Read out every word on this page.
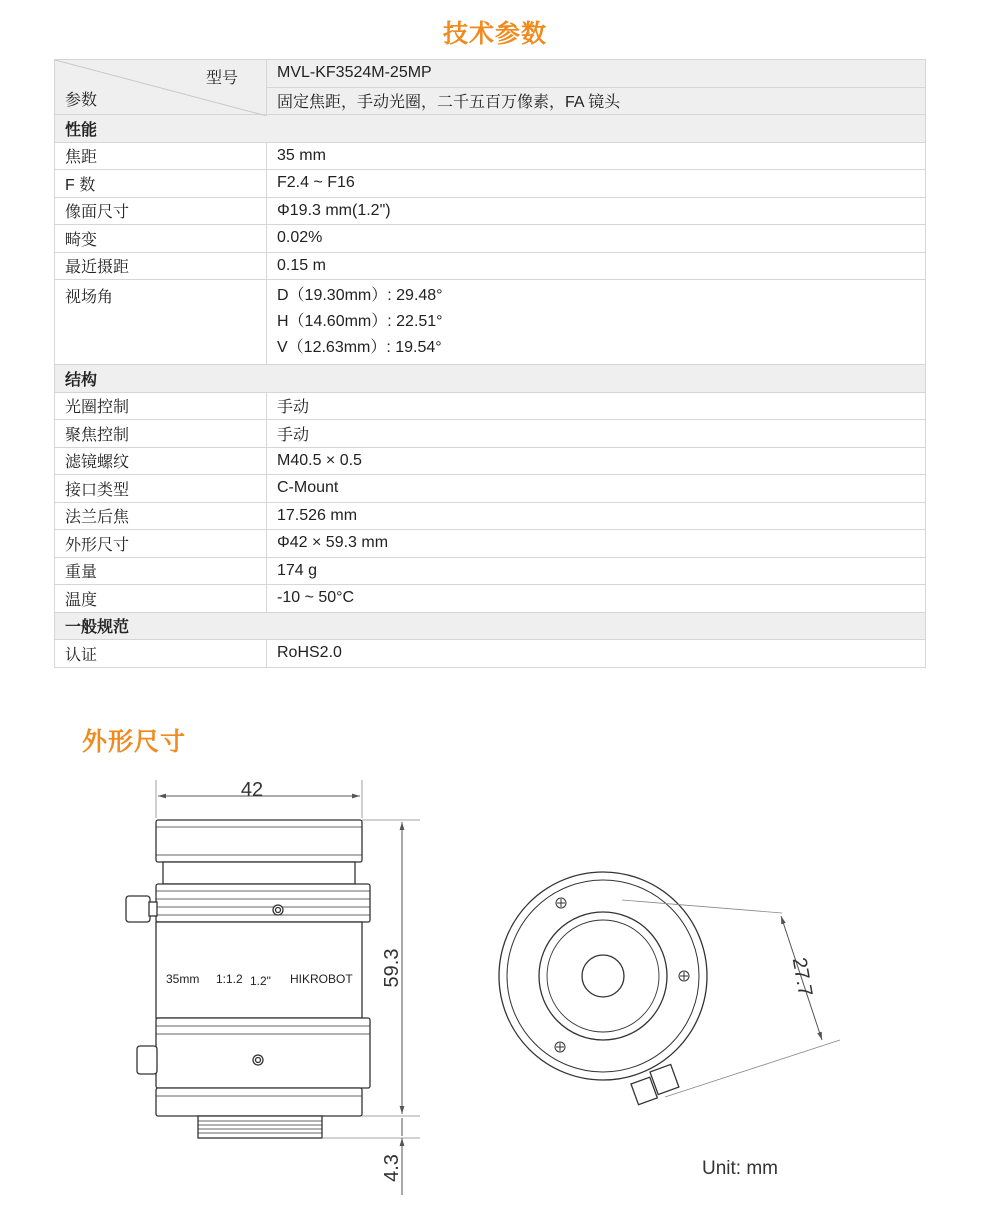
技术参数
型号
参数	MVL-KF3524M-25MP
	固定焦距，手动光圈，二千五百万像素，FA 镜头
性能	
焦距	35 mm
F 数	F2.4 ~ F16
像面尺寸	Φ19.3 mm(1.2")
畸变	0.02%
最近摄距	0.15 m
视场角	D（19.30mm）: 29.48°
H（14.60mm）: 22.51°
V（12.63mm）: 19.54°

结构	
光圈控制	手动
聚焦控制	手动
滤镜螺纹	M40.5 × 0.5
接口类型	C-Mount
法兰后焦	17.526 mm
外形尺寸	Φ42 × 59.3 mm
重量	174 g
温度	-10 ~ 50°C
一般规范	
认证	RoHS2.0
外形尺寸
42
59.3
4.3
35mm 1:1.2 1.2" HIKROBOT	27.7
Unit: mm
